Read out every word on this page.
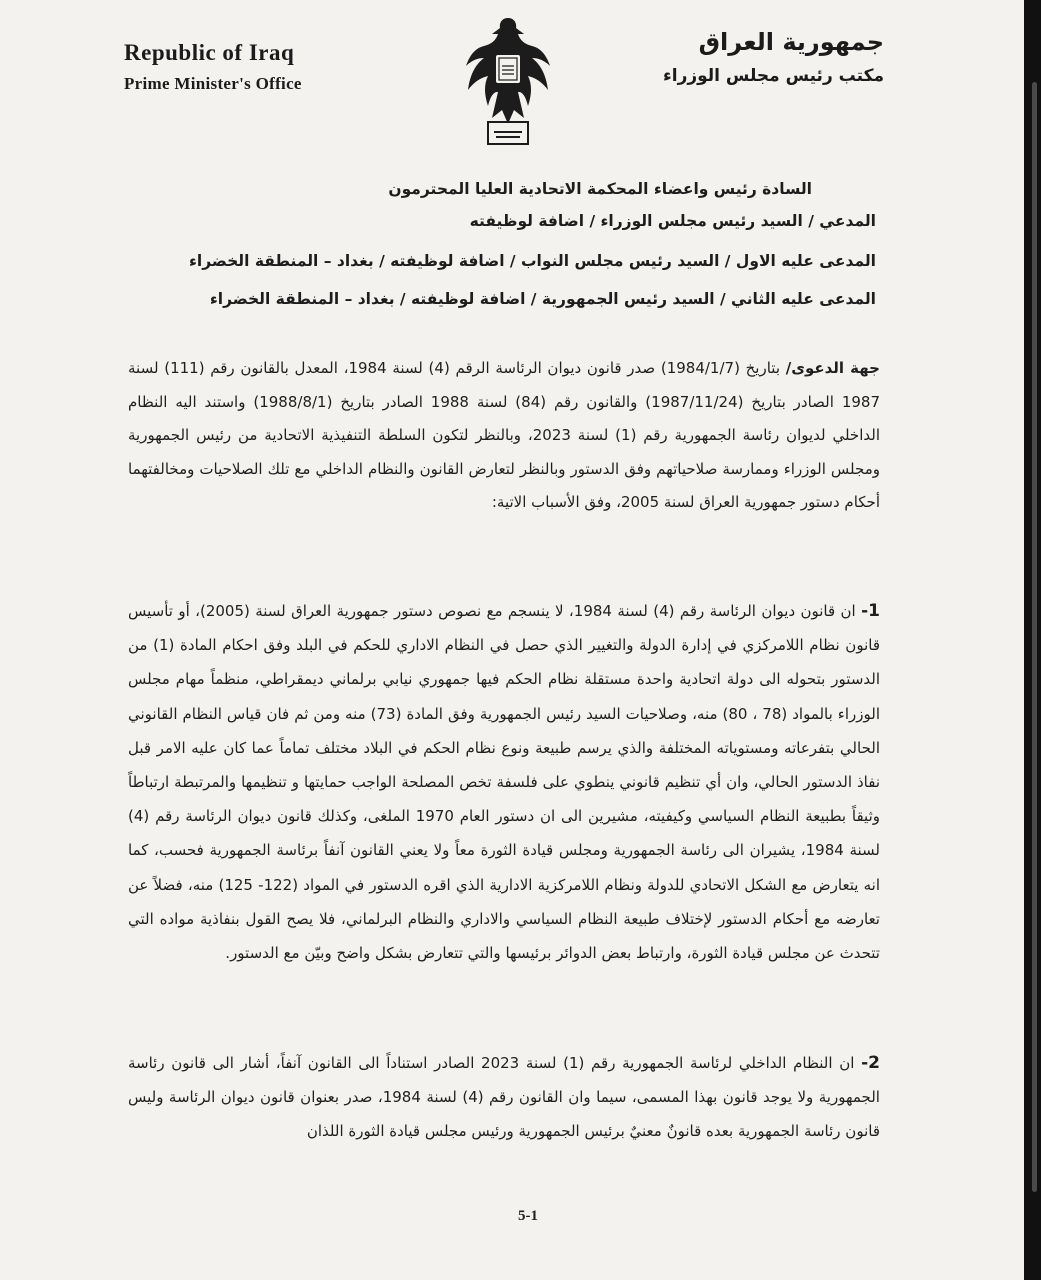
Republic of Iraq
Prime Minister's Office
جمهورية العراق
مكتب رئيس مجلس الوزراء
السادة رئيس واعضاء المحكمة الاتحادية العليا المحترمون
المدعي / السيد رئيس مجلس الوزراء / اضافة لوظيفته
المدعى عليه الاول / السيد رئيس مجلس النواب / اضافة لوظيفته / بغداد – المنطقة الخضراء
المدعى عليه الثاني / السيد رئيس الجمهورية / اضافة لوظيفته / بغداد – المنطقة الخضراء
جهة الدعوى/ بتاريخ (1984/1/7) صدر قانون ديوان الرئاسة الرقم (4) لسنة 1984، المعدل بالقانون رقم (111) لسنة 1987 الصادر بتاريخ (1987/11/24) والقانون رقم (84) لسنة 1988 الصادر بتاريخ (1988/8/1) واستند اليه النظام الداخلي لديوان رئاسة الجمهورية رقم (1) لسنة 2023، وبالنظر لتكون السلطة التنفيذية الاتحادية من رئيس الجمهورية ومجلس الوزراء وممارسة صلاحياتهم وفق الدستور وبالنظر لتعارض القانون والنظام الداخلي مع تلك الصلاحيات ومخالفتهما أحكام دستور جمهورية العراق لسنة 2005، وفق الأسباب الاتية:
1- ان قانون ديوان الرئاسة رقم (4) لسنة 1984، لا ينسجم مع نصوص دستور جمهورية العراق لسنة (2005)، أو تأسيس قانون نظام اللامركزي في إدارة الدولة والتغيير الذي حصل في النظام الاداري للحكم في البلد وفق احكام المادة (1) من الدستور بتحوله الى دولة اتحادية واحدة مستقلة نظام الحكم فيها جمهوري نيابي برلماني ديمقراطي، منظماً مهام مجلس الوزراء بالمواد (78 ، 80) منه، وصلاحيات السيد رئيس الجمهورية وفق المادة (73) منه ومن ثم فان قياس النظام القانوني الحالي بتفرعاته ومستوياته المختلفة والذي يرسم طبيعة ونوع نظام الحكم في البلاد مختلف تماماً عما كان عليه الامر قبل نفاذ الدستور الحالي، وان أي تنظيم قانوني ينطوي على فلسفة تخص المصلحة الواجب حمايتها و تنظيمها والمرتبطة ارتباطاً وثيقاً بطبيعة النظام السياسي وكيفيته، مشيرين الى ان دستور العام 1970 الملغى، وكذلك قانون ديوان الرئاسة رقم (4) لسنة 1984، يشيران الى رئاسة الجمهورية ومجلس قيادة الثورة معاً ولا يعني القانون آنفاً برئاسة الجمهورية فحسب، كما انه يتعارض مع الشكل الاتحادي للدولة ونظام اللامركزية الادارية الذي اقره الدستور في المواد (122- 125) منه، فضلاً عن تعارضه مع أحكام الدستور لإختلاف طبيعة النظام السياسي والاداري والنظام البرلماني، فلا يصح القول بنفاذية مواده التي تتحدث عن مجلس قيادة الثورة، وارتباط بعض الدوائر برئيسها والتي تتعارض بشكل واضح وبيّن مع الدستور.
2- ان النظام الداخلي لرئاسة الجمهورية رقم (1) لسنة 2023 الصادر استناداً الى القانون آنفاً، أشار الى قانون رئاسة الجمهورية ولا يوجد قانون بهذا المسمى، سيما وان القانون رقم (4) لسنة 1984، صدر بعنوان قانون ديوان الرئاسة وليس قانون رئاسة الجمهورية بعده قانونٌ معنيٌ برئيس الجمهورية ورئيس مجلس قيادة الثورة اللذان
5-1
